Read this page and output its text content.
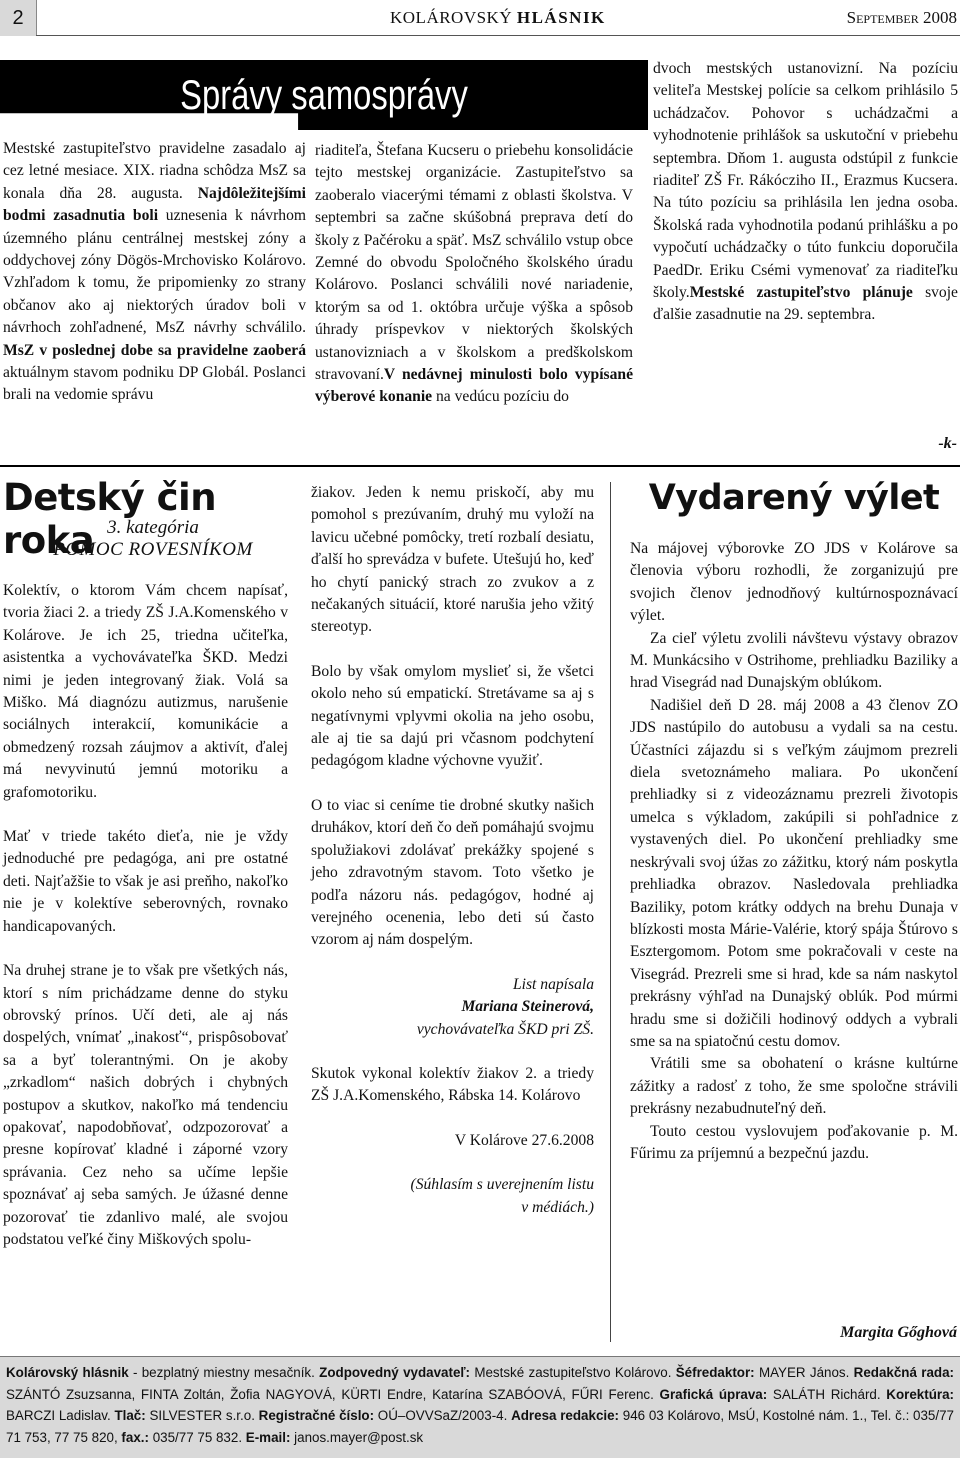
2	KOLÁROVSKÝ HLÁSNIK	September 2008
Správy samosprávy

Mestské zastupiteľstvo pravidelne zasadalo aj cez letné mesiace. XIX. riadna schôdza MsZ sa konala dňa 28. augusta. Najdôležitejšími bodmi zasadnutia boli uznesenia k návrhom územného plánu centrálnej mestskej zóny a oddychovej zóny Dögös-Mrchovisko Kolárovo. Vzhľadom k tomu, že pripomienky zo strany občanov ako aj niektorých úradov boli v návrhoch zohľadnené, MsZ návrhy schválilo. MsZ v poslednej dobe sa pravidelne zaoberá aktuálnym stavom podniku DP Globál. Poslanci brali na vedomie správu

riaditeľa, Štefana Kucseru o priebehu konsolidácie tejto mestskej organizácie. Zastupiteľstvo sa zaoberalo viacerými témami z oblasti školstva. V septembri sa začne skúšobná preprava detí do školy z Pačéroku a späť. MsZ schválilo vstup obce Zemné do obvodu Spoločného školského úradu Kolárovo. Poslanci schválili nové nariadenie, ktorým sa od 1. októbra určuje výška a spôsob úhrady príspevkov v niektorých školských ustanovizniach a v školskom a predškolskom stravovaní.V nedávnej minulosti bolo vypísané výberové konanie na vedúcu pozíciu do

dvoch mestských ustanovizní. Na pozíciu veliteľa Mestskej polície sa celkom prihlásilo 5 uchádzačov. Pohovor s uchádzačmi a vyhodnotenie prihlášok sa uskutoční v priebehu septembra. Dňom 1. augusta odstúpil z funkcie riaditeľ ZŠ Fr. Rákócziho II., Erazmus Kucsera. Na túto pozíciu sa prihlásila len jedna osoba. Školská rada vyhodnotila podanú prihlášku a po vypočutí uchádzačky o túto funkciu doporučila PaedDr. Eriku Csémi vymenovať za riaditeľku školy.Mestské zastupiteľstvo plánuje svoje ďalšie zasadnutie na 29. septembra.

-k-
Detský čin roka 3. kategória
POMOC ROVESNÍKOM

Kolektív, o ktorom Vám chcem napísať, tvoria žiaci 2. a triedy ZŠ J.A.Komenského v Kolárove. Je ich 25, triedna učiteľka, asistentka a vychovávateľka ŠKD. Medzi nimi je jeden integrovaný žiak. Volá sa Miško. Má diagnózu autizmus, narušenie sociálnych interakcií, komunikácie a obmedzený rozsah záujmov a aktivít, ďalej má nevyvinutú jemnú motoriku a grafomotoriku.

Mať v triede takéto dieťa, nie je vždy jednoduché pre pedagóga, ani pre ostatné deti. Najťažšie to však je asi preňho, nakoľko nie je v kolektíve seberovných, rovnako handicapovaných.

Na druhej strane je to však pre všetkých nás, ktorí s ním prichádzame denne do styku obrovský prínos. Učí deti, ale aj nás dospelých, vnímať „inakosť“, prispôsobovať sa a byť tolerantnými. On je akoby „zrkadlom“ našich dobrých i chybných postupov a skutkov, nakoľko má tendenciu opakovať, napodobňovať, odzpozorovať a presne kopírovať kladné i záporné vzory správania. Cez neho sa učíme lepšie spoznávať aj seba samých. Je úžasné denne pozorovať tie zdanlivo malé, ale svojou podstatou veľké činy Miškových spolu-

žiakov. Jeden k nemu priskočí, aby mu pomohol s prezúvaním, druhý mu vyloží na lavicu učebné pomôcky, tretí rozbalí desiatu, ďalší ho sprevádza v bufete. Utešujú ho, keď ho chytí panický strach zo zvukov a z nečakaných situácií, ktoré narušia jeho vžitý stereotyp.

Bolo by však omylom myslieť si, že všetci okolo neho sú empatickí. Stretávame sa aj s negatívnymi vplyvmi okolia na jeho osobu, ale aj tie sa dajú pri včasnom podchytení pedagógom kladne výchovne využiť.

O to viac si ceníme tie drobné skutky našich druhákov, ktorí deň čo deň pomáhajú svojmu spolužiakovi zdolávať prekážky spojené s jeho zdravotným stavom. Toto všetko je podľa názoru nás. pedagógov, hodné aj verejného ocenenia, lebo deti sú často vzorom aj nám dospelým.

List napísala

Mariana Steinerová,

vychovávateľka ŠKD pri ZŠ.

Skutok vykonal kolektív žiakov 2. a triedy ZŠ J.A.Komenského, Rábska 14. Kolárovo

V Kolárove 27.6.2008

(Súhlasím s uverejnením listu

v médiách.)

Vydarený výlet

Na májovej výborovke ZO JDS v Kolárove sa členovia výboru rozhodli, že zorganizujú pre svojich členov jednodňový kultúrnospoznávací výlet.

Za cieľ výletu zvolili návštevu výstavy obrazov M. Munkácsiho v Ostrihome, prehliadku Baziliky a hrad Visegrád nad Dunajským oblúkom.

Nadišiel deň D 28. máj 2008 a 43 členov ZO JDS nastúpilo do autobusu a vydali sa na cestu. Účastníci zájazdu si s veľkým záujmom prezreli diela svetoznámeho maliara. Po ukončení prehliadky si z videozáznamu prezreli životopis umelca s výkladom, zakúpili si pohľadnice z vystavených diel. Po ukončení prehliadky sme neskrývali svoj úžas zo zážitku, ktorý nám poskytla prehliadka obrazov. Nasledovala prehliadka Baziliky, potom krátky oddych na brehu Dunaja v blízkosti mosta Márie-Valérie, ktorý spája Štúrovo s Esztergomom. Potom sme pokračovali v ceste na Visegrád. Prezreli sme si hrad, kde sa nám naskytol prekrásny výhľad na Dunajský oblúk. Pod múrmi hradu sme si dožičili hodinový oddych a vybrali sme sa na spiatočnú cestu domov.

Vrátili sme sa obohatení o krásne kultúrne zážitky a radosť z toho, že sme spoločne strávili prekrásny nezabudnuteľný deň.

Touto cestou vyslovujem poďakovanie p. M. Fűrimu za príjemnú a bezpečnú jazdu.

Margita Gőghová
Kolárovský hlásnik - bezplatný miestny mesačník. Zodpovedný vydavateľ: Mestské zastupiteľstvo Kolárovo. Šéfredaktor: MAYER János. Redakčná rada: SZÁNTÓ Zsuzsanna, FINTA Zoltán, Žofia NAGYOVÁ, KÜRTI Endre, Katarína SZABÓOVÁ, FŰRI Ferenc. Grafická úprava: SALÁTH Richárd. Korektúra: BARCZI Ladislav. Tlač: SILVESTER s.r.o. Registračné číslo: OÚ–OVVSaZ/2003-4. Adresa redakcie: 946 03 Kolárovo, MsÚ, Kostolné nám. 1., Tel. č.: 035/77 71 753, 77 75 820, fax.: 035/77 75 832. E-mail: janos.mayer@post.sk
